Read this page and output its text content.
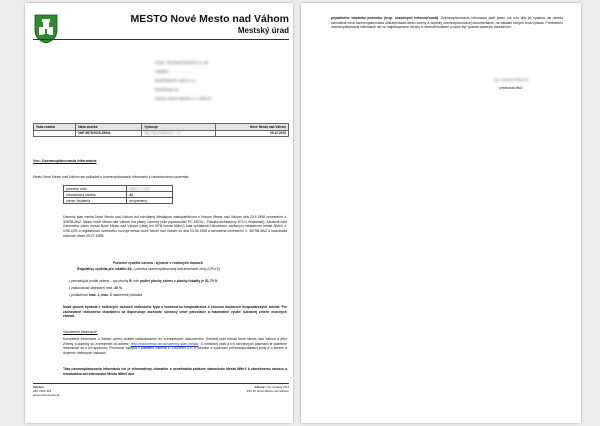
MESTO Nové Mesto nad Váhom
Mestský úrad
JUDr. Richard Brisarić LL.M.
Hašlisť
EUROMAR cats s.r.o.
Bambusa 11
91011 Nové Mesto n / Váhom
Vaša značka	Naša značka	Vybavuje	Nové Mesto nad Váhom
	NsP-5679/2025-39844	Mgr. Alena Babicová · 111	09.12.2025
Vec: Územnoplánovacia informácia
Mesto Nové Mesto nad Váhom ste požiadali o územnoplánovaciu informáciu k nasledovnému pozemku:
parcelné číslo	4830 v. č. 5/5
urbanistická lokalita	43
zámer žiadateľa	neuprenený
Územný plán mesta Nové Mesto nad Váhom bol schválený Mestským zastupiteľstvom v Novom Meste nad Váhom dňa 23.6.1998 uznesením č. 306/98-MsZ. Mesto Nové Mesto nad Váhom má platný Územný plán (spracovateľ PC ARCH – Fakulta architektúry STU v Bratislave). Záväzná časť Územného plánu mesta Nové Mesto nad Váhom (ďalej len ÚPN mesta NMnV) bola vyhlásená Všeobecne záväzným nariadením mesta NMnV č. 1/98-VZN o regulatívoch územného rozvoja mesta Nové Mesto nad Váhom zo dňa 23.06.1998 a schválená uznesením č. 367/98-MsZ a nadobudla účinnosť dňom 09.07.1998.
Funkčné využitie územia - bývanie v rodinných domoch
Regulatívy využitia pre lokalitu 43: • potreba územnoplánovacej dokumentácie zóny (ÚPN-Z)
• prevažujúci podiel zelene – typ plochy B, kde podiel plochy zelene z plochy lokality je 51-70 %
• zastavanosť objektami max. 40 %
• podlažnosť max. 1, max. 2 nadzemné podlažia
Nová plocha bývania v rodinných domoch vidieckeho typu s možnosťou hospodárstva a chovom domácich hospodárskych zvierat. Pre zachovanie vidieckeho charakteru sa doporučuje zachovať súčasný omer parcelácie a maximálne využiť súčasnej zelene ovocných záhrad.
Všeobecné informácie:
Kompletné informácie o Vašom území získate naštudovaním do zverejnených dokumentov: Územný plán mesta Nové Mesto nad Váhom a jeho Zmeny a doplnky sú zverejnené na adrese: http://www.mesto-nm.sk/uzemny-plan-mesta/. O exekčnej časti a ich ochranných pásmach je potrebné informovať sa u ich správcov. Povinnosť vyplýva z platného Zákona č. 220/2004 Z.z. o ochrane a využívaní poľnohospodárskej pôdy a o zmene a doplnení niektorých zákonov.
Táto územnoplánovacia informácia nie je informatívny charakter a nenahrádza záväzné stanovisko Mesta NMnV k stavebnému zámeru a nenahrádza ani stanovisko Mesta NMnV ako
Telefón:
032 7402 316
www.nove-mesto.sk
Adresa: Čsl. armády 64/1
915 32 Nové Mesto nad Váhom
prípadného vlastníka pozemku (resp. susedných nehnuteľností). Územnoplánovacia informácia platí jeden rok odo dňa jej vydania, ak nebola schválená nová územnoplánovacia dokumentácia alebo zmeny a doplnky územnoplánovacej dokumentácie, na základe ktorých bola vydaná. Predmetom územnoplánovacej informácie nie sú majetkoprávne vzťahy k nehnuteľnostiam a môže byť vydaná viacerým žiadateľom.
Ing. František Maholný
prednosta MsÚ
